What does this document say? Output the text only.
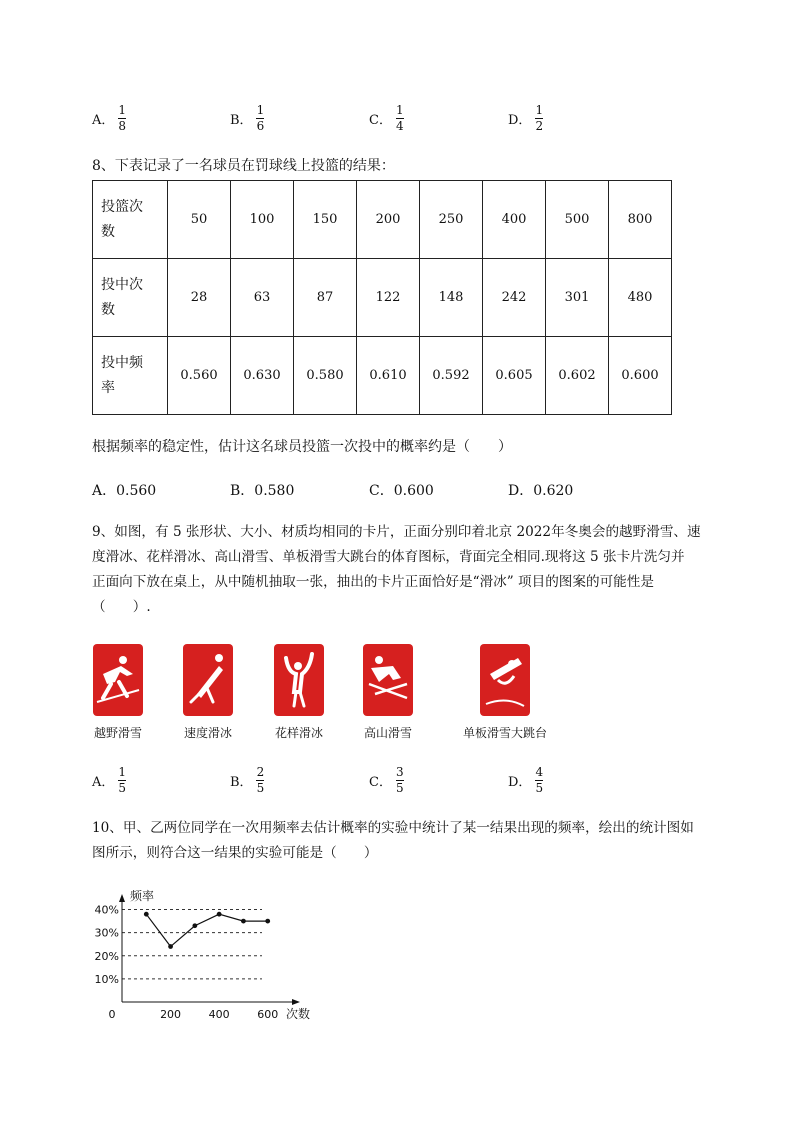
A． $\frac{1}{8}$	B． $\frac{1}{6}$	C． $\frac{1}{4}$	D． $\frac{1}{2}$
8、下表记录了一名球员在罚球线上投篮的结果：
投篮次
数	50	100	150	200	250	400	500	800
投中次
数	28	63	87	122	148	242	301	480
投中频
率	0.560	0.630	0.580	0.610	0.592	0.605	0.602	0.600
根据频率的稳定性，估计这名球员投篮一次投中的概率约是（　　）
A．0.560	B．0.580	C．0.600	D．0.620
9、如图，有 5 张形状、大小、材质均相同的卡片，正面分别印着北京 2022年冬奥会的越野滑雪、速
度滑冰、花样滑冰、高山滑雪、单板滑雪大跳台的体育图标，背面完全相同.现将这 5 张卡片洗匀并
正面向下放在桌上，从中随机抽取一张，抽出的卡片正面恰好是“滑冰” 项目的图案的可能性是
（　　）.
越野滑雪	速度滑冰	花样滑冰	高山滑雪	单板滑雪大跳台
A． $\frac{1}{5}$	B． $\frac{2}{5}$	C． $\frac{3}{5}$	D． $\frac{4}{5}$
10、甲、乙两位同学在一次用频率去估计概率的实验中统计了某一结果出现的频率，绘出的统计图如
图所示，则符合这一结果的实验可能是（　　）
频率
次数
10%
20%
30%
40%
0	200	400	600
